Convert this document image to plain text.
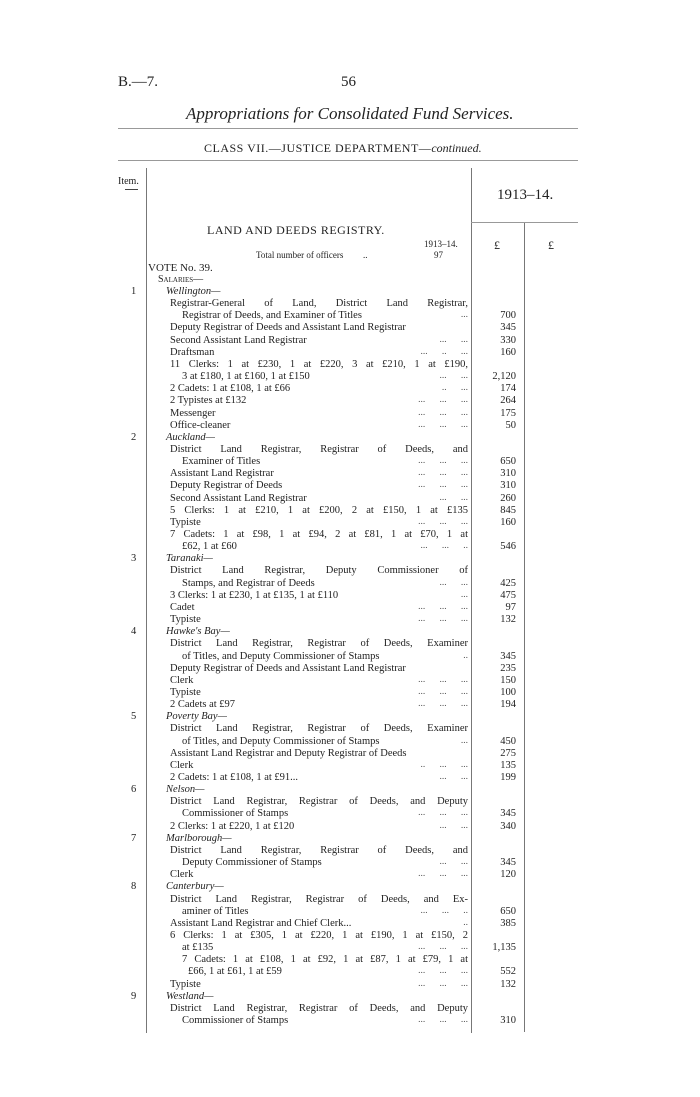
B.—7.	56
Appropriations for Consolidated Fund Services.
CLASS VII.—JUSTICE DEPARTMENT—continued.
Item.
1913–14.
£	£
LAND AND DEEDS REGISTRY.
1913–14.
Total number of officers ..	97
VOTE No. 39.
Salaries—
1	Wellington—
Registrar-General of Land, District Land Registrar,
Registrar of Deeds, and Examiner of Titles	...	700
Deputy Registrar of Deeds and Assistant Land Registrar	345
Second Assistant Land Registrar	...      ...	330
Draftsman	...      ..      ...	160
11 Clerks: 1 at £230, 1 at £220, 3 at £210, 1 at £190,
3 at £180, 1 at £160, 1 at £150	...      ... 2,120
2 Cadets: 1 at £108, 1 at £66	..      ...	174
2 Typistes at £132	...      ...      ...	264
Messenger	...      ...      ...	175
Office-cleaner	...      ...      ...	50
2	Auckland—
District Land Registrar, Registrar of Deeds, and
Examiner of Titles	...      ...      ...	650
Assistant Land Registrar	...      ...      ...	310
Deputy Registrar of Deeds	...      ...      ...	310
Second Assistant Land Registrar	...      ...	260
5 Clerks: 1 at £210, 1 at £200, 2 at £150, 1 at £135	845
Typiste	...      ...      ...	160
7 Cadets: 1 at £98, 1 at £94, 2 at £81, 1 at £70, 1 at
£62, 1 at £60	...      ...      ..	546
3	Taranaki—
District Land Registrar, Deputy Commissioner of
Stamps, and Registrar of Deeds	...      ...	425
3 Clerks: 1 at £230, 1 at £135, 1 at £110	...	475
Cadet	...      ...      ...	97
Typiste	...      ...      ...	132
4	Hawke's Bay—
District Land Registrar, Registrar of Deeds, Examiner
of Titles, and Deputy Commissioner of Stamps	..	345
Deputy Registrar of Deeds and Assistant Land Registrar	235
Clerk	...      ...      ...	150
Typiste	...      ...      ...	100
2 Cadets at £97	...      ...      ...	194
5	Poverty Bay—
District Land Registrar, Registrar of Deeds, Examiner
of Titles, and Deputy Commissioner of Stamps	...	450
Assistant Land Registrar and Deputy Registrar of Deeds	275
Clerk	..      ...      ...	135
2 Cadets: 1 at £108, 1 at £91...	...      ...	199
6	Nelson—
District Land Registrar, Registrar of Deeds, and Deputy
Commissioner of Stamps	...      ...      ...	345
2 Clerks: 1 at £220, 1 at £120	...      ...	340
7	Marlborough—
District Land Registrar, Registrar of Deeds, and
Deputy Commissioner of Stamps	...      ...	345
Clerk	...      ...      ...	120
8	Canterbury—
District Land Registrar, Registrar of Deeds, and Ex-
aminer of Titles	...      ...      ..	650
Assistant Land Registrar and Chief Clerk...	..	385
6 Clerks: 1 at £305, 1 at £220, 1 at £190, 1 at £150, 2
at £135	...      ...      ... 1,135
7 Cadets: 1 at £108, 1 at £92, 1 at £87, 1 at £79, 1 at
£66, 1 at £61, 1 at £59	...      ...      ...	552
Typiste	...      ...      ...	132
9	Westland—
District Land Registrar, Registrar of Deeds, and Deputy
Commissioner of Stamps	...      ...      ...	310
